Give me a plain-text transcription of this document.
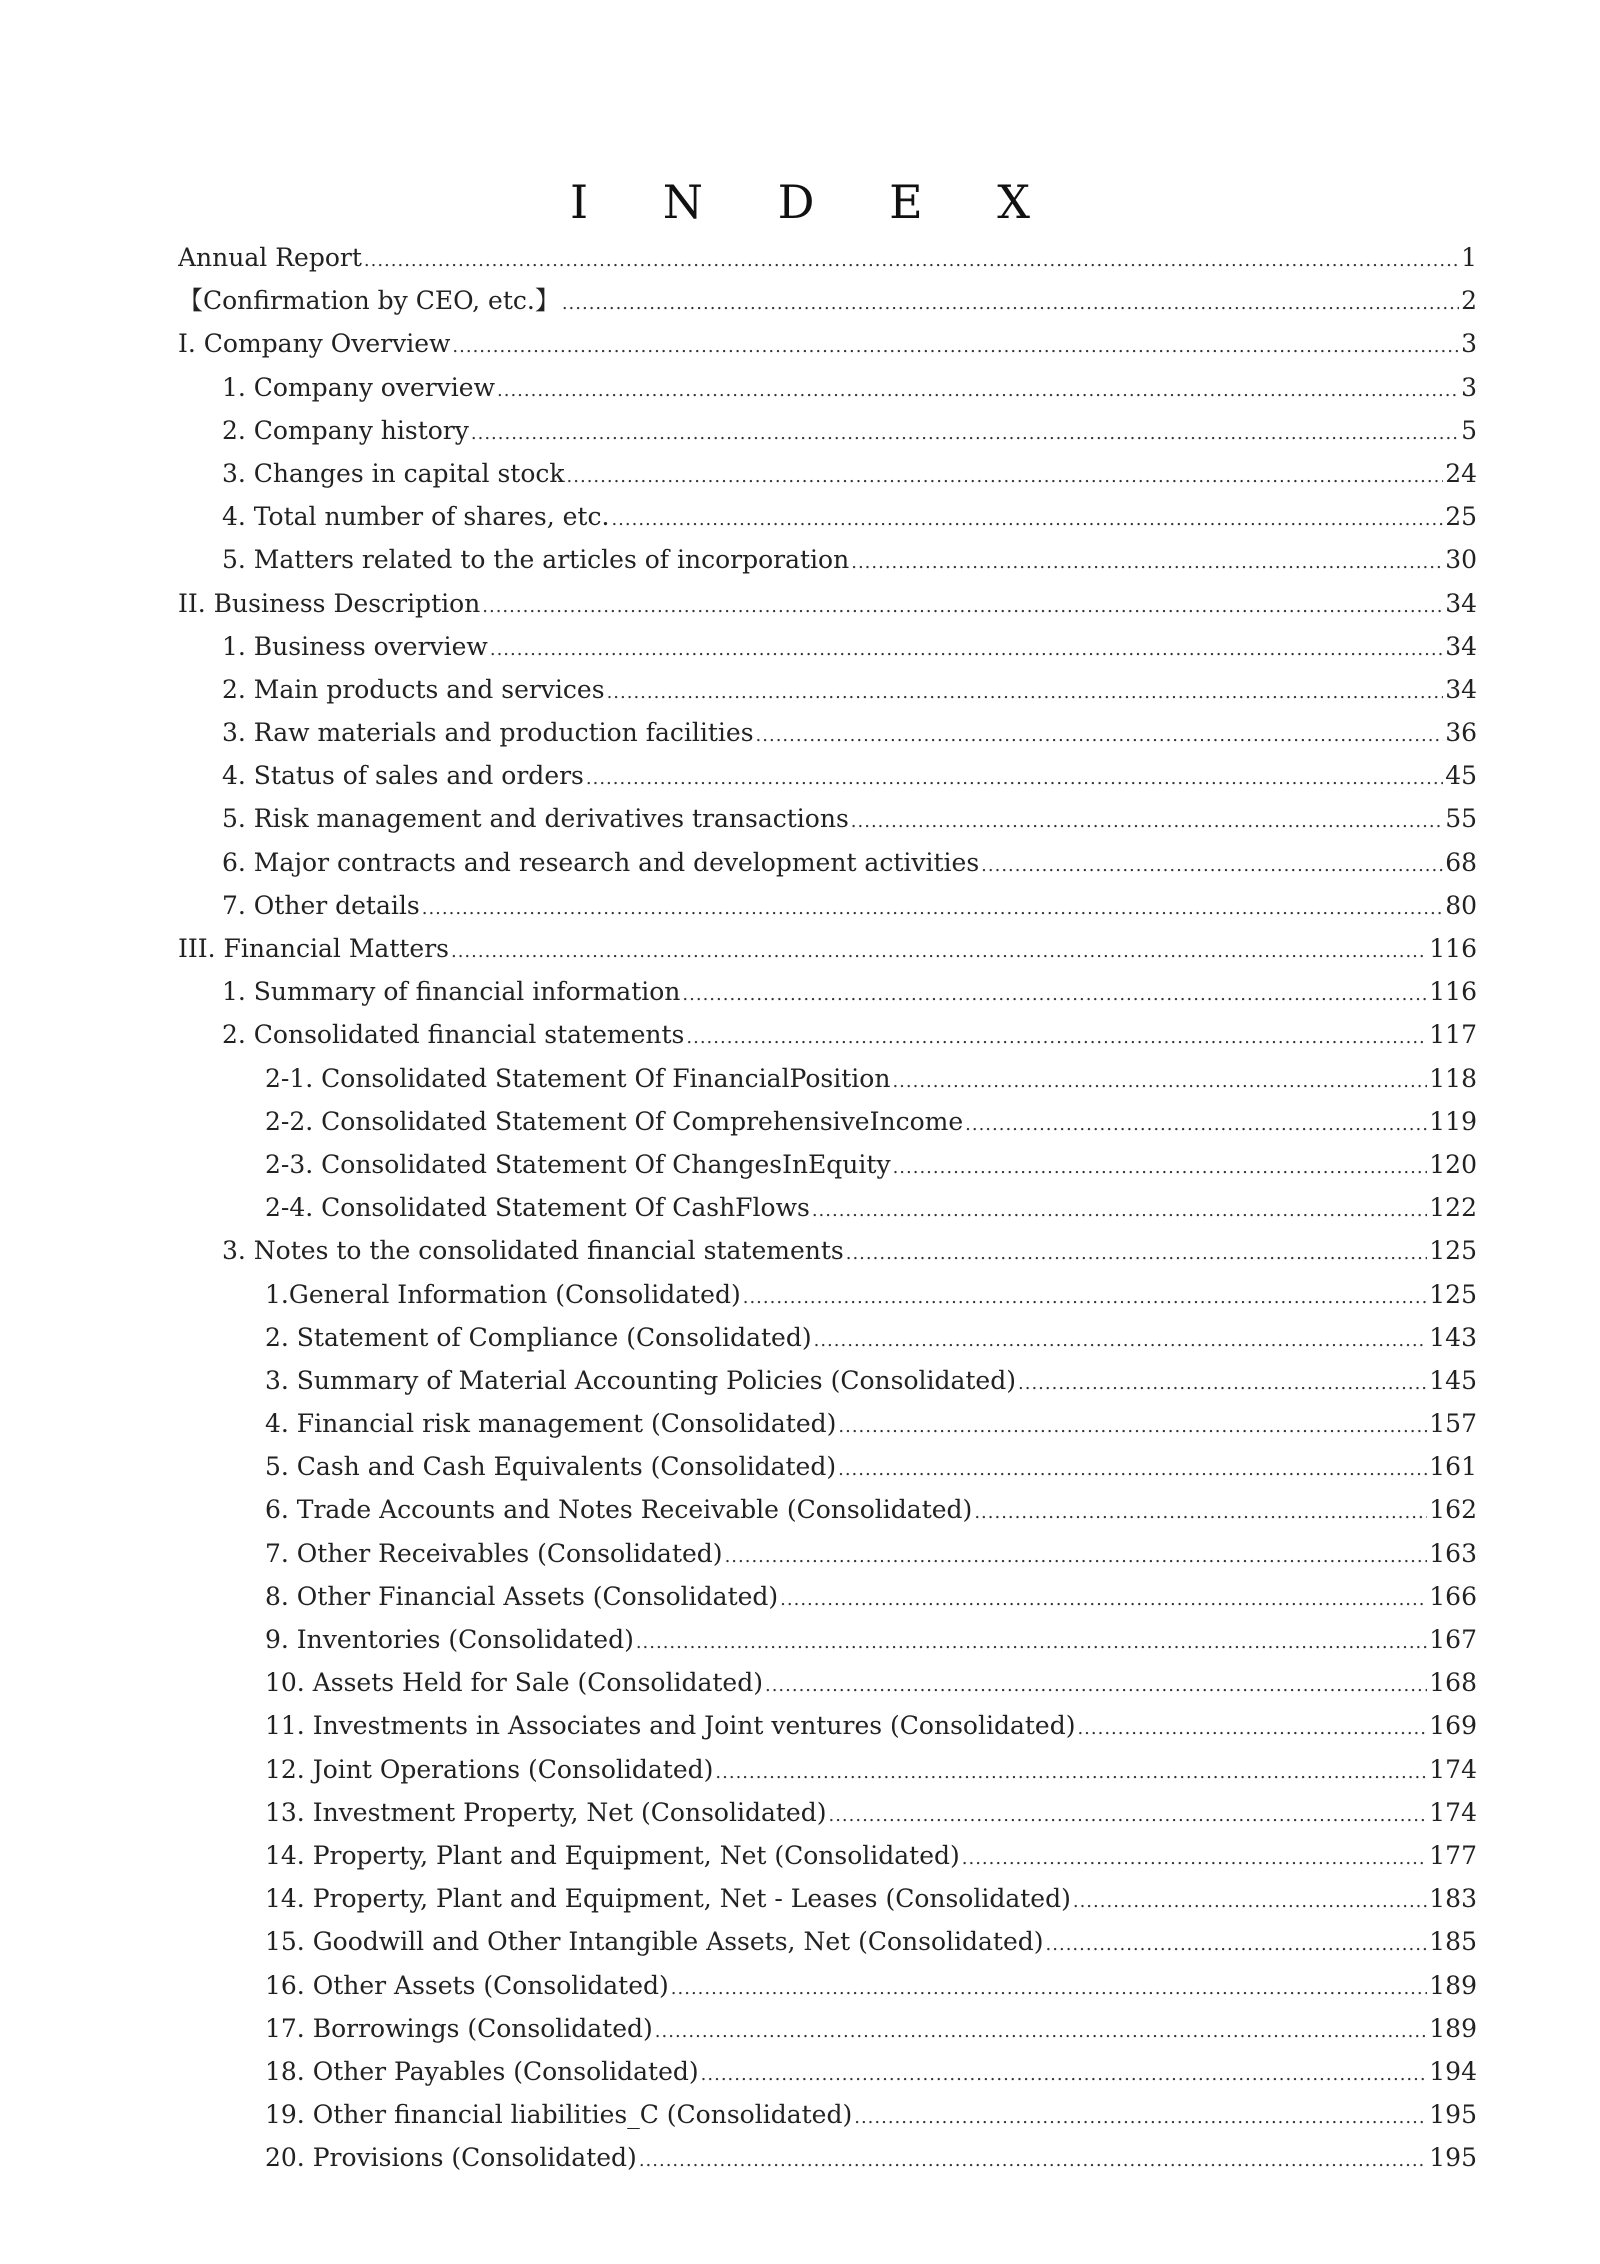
I N D E X
Annual Report .....	1
【Confirmation by CEO, etc.】 .....	2
I. Company Overview .....	3
1. Company overview .....	3
2. Company history .....	5
3. Changes in capital stock .....	24
4. Total number of shares, etc. .....	25
5. Matters related to the articles of incorporation .....	30
II. Business Description .....	34
1. Business overview .....	34
2. Main products and services .....	34
3. Raw materials and production facilities .....	36
4. Status of sales and orders .....	45
5. Risk management and derivatives transactions .....	55
6. Major contracts and research and development activities .....	68
7. Other details .....	80
III. Financial Matters .....	116
1. Summary of financial information .....	116
2. Consolidated financial statements .....	117
2-1. Consolidated Statement Of FinancialPosition .....	118
2-2. Consolidated Statement Of ComprehensiveIncome .....	119
2-3. Consolidated Statement Of ChangesInEquity .....	120
2-4. Consolidated Statement Of CashFlows .....	122
3. Notes to the consolidated financial statements .....	125
1.General Information (Consolidated) .....	125
2. Statement of Compliance (Consolidated) .....	143
3. Summary of Material Accounting Policies (Consolidated) .....	145
4. Financial risk management (Consolidated) .....	157
5. Cash and Cash Equivalents (Consolidated) .....	161
6. Trade Accounts and Notes Receivable (Consolidated) .....	162
7. Other Receivables (Consolidated) .....	163
8. Other Financial Assets (Consolidated) .....	166
9. Inventories (Consolidated) .....	167
10. Assets Held for Sale (Consolidated) .....	168
11. Investments in Associates and Joint ventures (Consolidated) .....	169
12. Joint Operations (Consolidated) .....	174
13. Investment Property, Net (Consolidated) .....	174
14. Property, Plant and Equipment, Net (Consolidated) .....	177
14. Property, Plant and Equipment, Net - Leases (Consolidated) .....	183
15. Goodwill and Other Intangible Assets, Net (Consolidated) .....	185
16. Other Assets (Consolidated) .....	189
17. Borrowings (Consolidated) .....	189
18. Other Payables (Consolidated) .....	194
19. Other financial liabilities_C (Consolidated) .....	195
20. Provisions (Consolidated) .....	195
